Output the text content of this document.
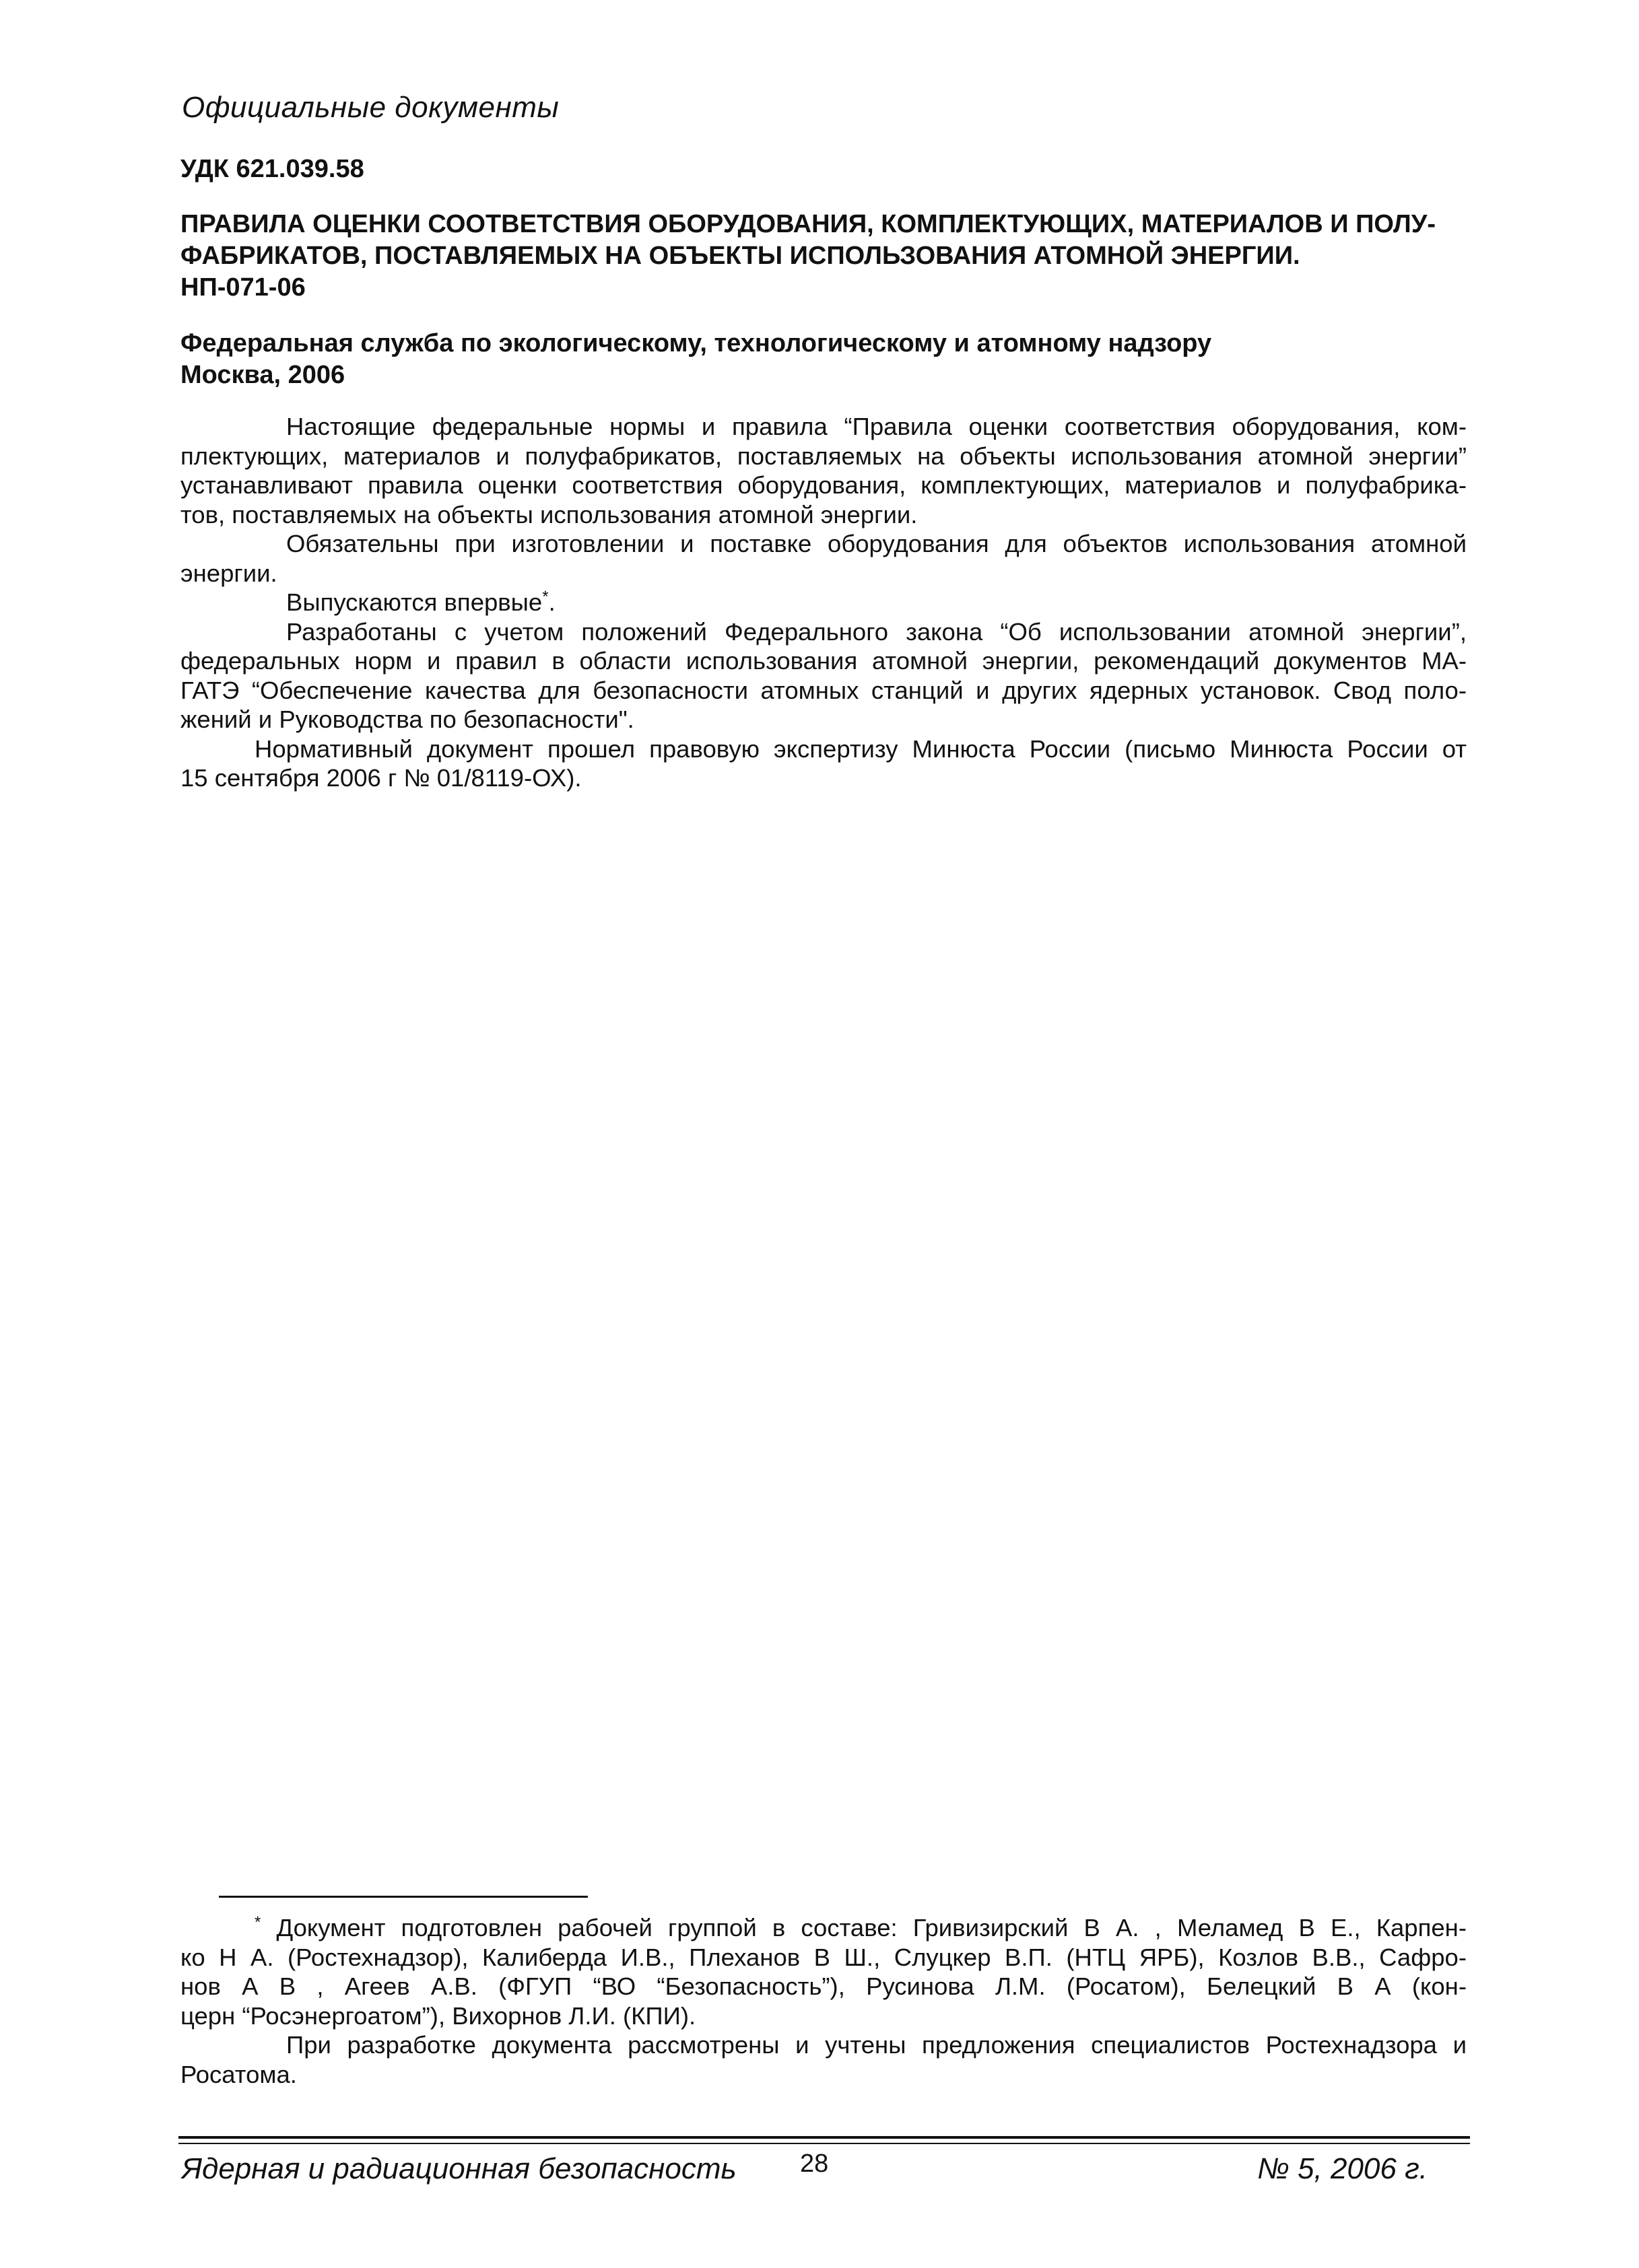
Официальные документы
УДК 621.039.58
ПРАВИЛА ОЦЕНКИ СООТВЕТСТВИЯ ОБОРУДОВАНИЯ, КОМПЛЕКТУЮЩИХ, МАТЕРИАЛОВ И ПОЛУ-
ФАБРИКАТОВ, ПОСТАВЛЯЕМЫХ НА ОБЪЕКТЫ ИСПОЛЬЗОВАНИЯ АТОМНОЙ ЭНЕРГИИ.
НП-071-06
Федеральная служба по экологическому, технологическому и атомному надзору
Москва, 2006
Настоящие федеральные нормы и правила “Правила оценки соответствия оборудования, ком-
плектующих, материалов и полуфабрикатов, поставляемых на объекты использования атомной энергии”
устанавливают правила оценки соответствия оборудования, комплектующих, материалов и полуфабрика-
тов, поставляемых на объекты использования атомной энергии.
Обязательны при изготовлении и поставке оборудования для объектов использования атомной
энергии.
Выпускаются впервые*.
Разработаны с учетом положений Федерального закона “Об использовании атомной энергии”,
федеральных норм и правил в области использования атомной энергии, рекомендаций документов МА-
ГАТЭ “Обеспечение качества для безопасности атомных станций и других ядерных установок. Свод поло-
жений и Руководства по безопасности".
Нормативный документ прошел правовую экспертизу Минюста России (письмо Минюста России от
15 сентября 2006 г № 01/8119-ОХ).
* Документ подготовлен рабочей группой в составе: Гривизирский В А. , Меламед В Е., Карпен-
ко Н А. (Ростехнадзор), Калиберда И.В., Плеханов В Ш., Слуцкер В.П. (НТЦ ЯРБ), Козлов В.В., Сафро-
нов А В , Агеев А.В. (ФГУП “ВО “Безопасность”), Русинова Л.М. (Росатом), Белецкий В А (кон-
церн “Росэнергоатом”), Вихорнов Л.И. (КПИ).
При разработке документа рассмотрены и учтены предложения специалистов Ростехнадзора и
Росатома.
Ядерная и радиационная безопасность 28	№ 5, 2006 г.
